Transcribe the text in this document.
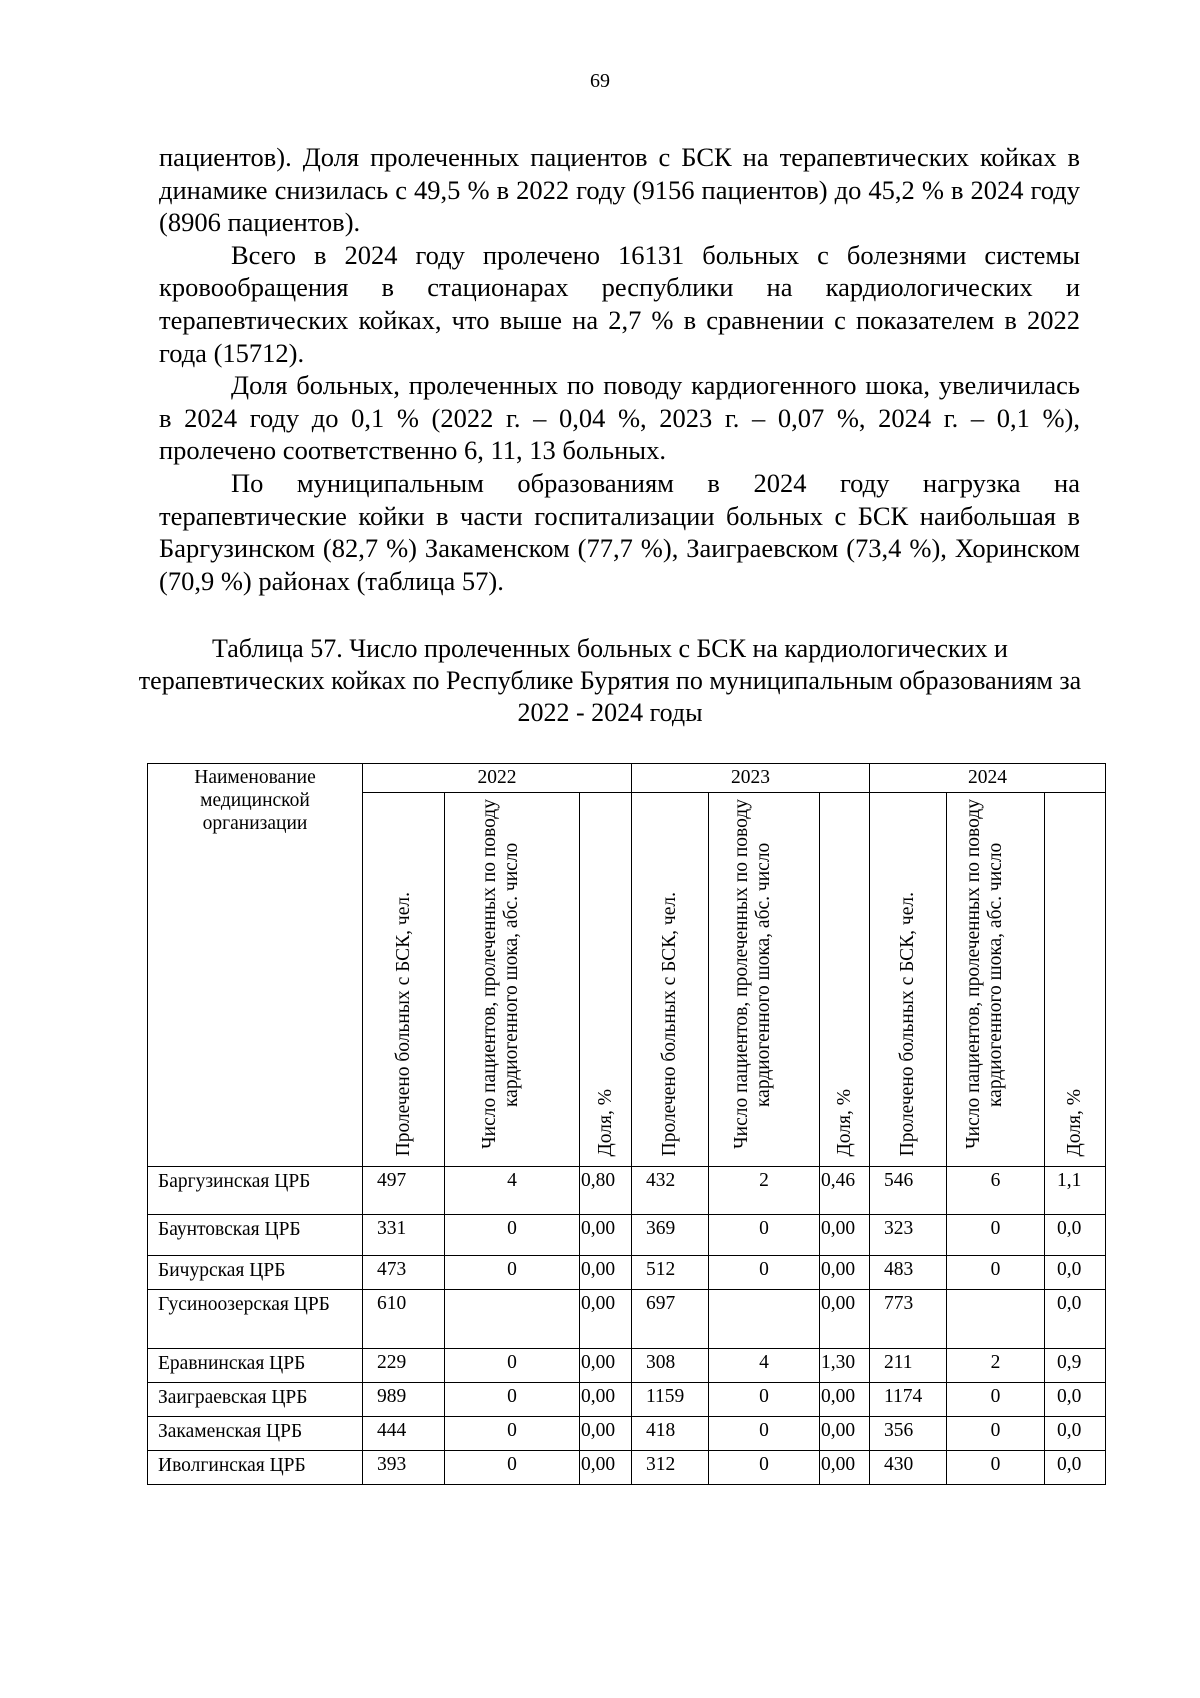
69

пациентов). Доля пролеченных пациентов с БСК на терапевтических койках в динамике снизилась с 49,5 % в 2022 году (9156 пациентов) до 45,2 % в 2024 году (8906 пациентов).

Всего в 2024 году пролечено 16131 больных с болезнями системы кровообращения в стационарах республики на кардиологических и терапевтических койках, что выше на 2,7 % в сравнении с показателем в 2022 года (15712).

Доля больных, пролеченных по поводу кардиогенного шока, увеличилась в 2024 году до 0,1 % (2022 г. – 0,04 %, 2023 г. – 0,07 %, 2024 г. – 0,1 %), пролечено соответственно 6, 11, 13 больных.

По муниципальным образованиям в 2024 году нагрузка на терапевтические койки в части госпитализации больных с БСК наибольшая в Баргузинском (82,7 %) Закаменском (77,7 %), Заиграевском (73,4 %), Хоринском (70,9 %) районах (таблица 57).

Таблица 57. Число пролеченных больных с БСК на кардиологических и терапевтических койках по Республике Бурятия по муниципальным образованиям за 2022 - 2024 годы
Наименование медицинской организации	2022			2023			2024		

	Пролечено больных с БСК, чел.	Число пациентов, пролеченных по поводу кардиогенного шока, абс. число	Доля, %	Пролечено больных с БСК, чел.	Число пациентов, пролеченных по поводу кардиогенного шока, абс. число	Доля, %	Пролечено больных с БСК, чел.	Число пациентов, пролеченных по поводу кардиогенного шока, абс. число	Доля, %

Баргузинская ЦРБ	497	4	0,80	432	2	0,46	546	6	1,1
Баунтовская ЦРБ	331	0	0,00	369	0	0,00	323	0	0,0
Бичурская ЦРБ	473	0	0,00	512	0	0,00	483	0	0,0
Гусиноозерская ЦРБ	610		0,00	697		0,00	773		0,0
Еравнинская ЦРБ	229	0	0,00	308	4	1,30	211	2	0,9
Заиграевская ЦРБ	989	0	0,00	1159	0	0,00	1174	0	0,0
Закаменская ЦРБ	444	0	0,00	418	0	0,00	356	0	0,0
Иволгинская ЦРБ	393	0	0,00	312	0	0,00	430	0	0,0
